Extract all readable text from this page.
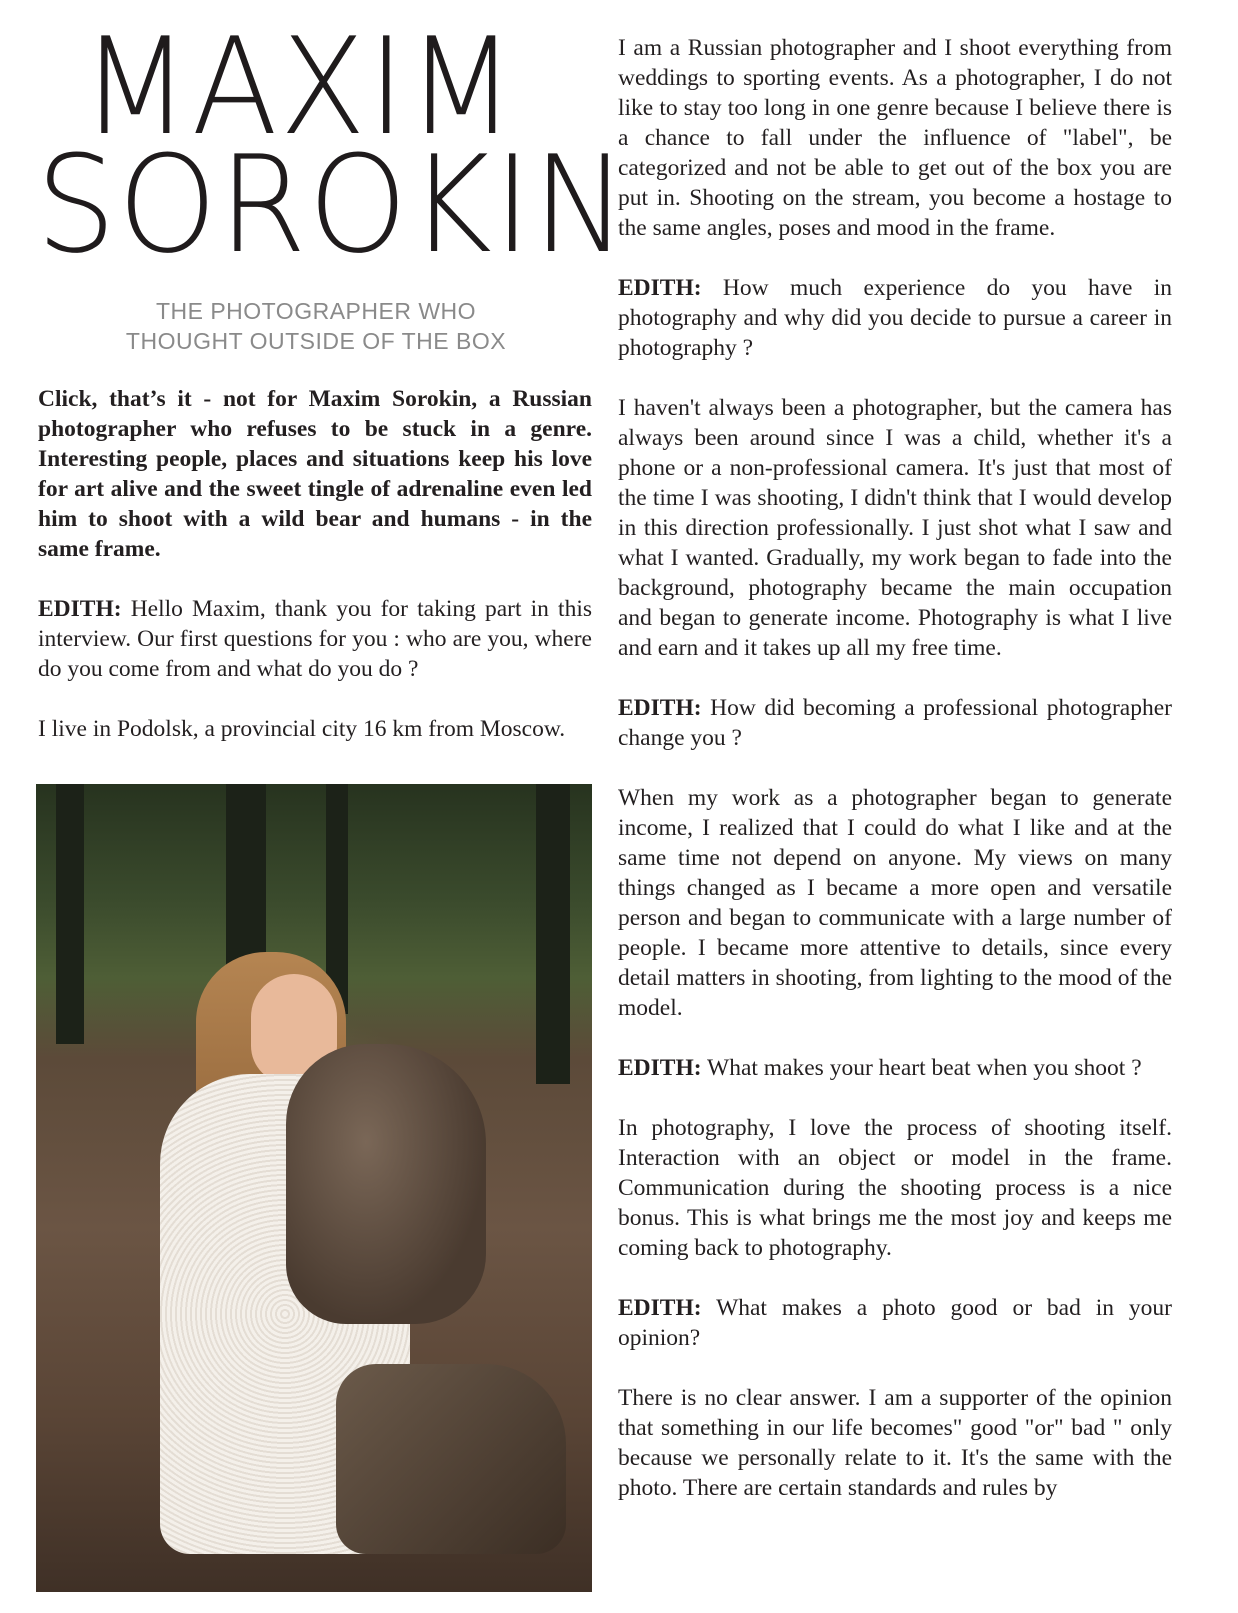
MAXIM
SOROKIN
THE PHOTOGRAPHER WHO
THOUGHT OUTSIDE OF THE BOX

Click, that’s it - not for Maxim Sorokin, a Russian photographer who refuses to be stuck in a genre. Interesting people, places and situations keep his love for art alive and the sweet tingle of adrenaline even led him to shoot with a wild bear and humans - in the same frame.

EDITH: Hello Maxim, thank you for taking part in this interview. Our first questions for you : who are you, where do you come from and what do you do ?

I live in Podolsk, a provincial city 16 km from Moscow.

I am a Russian photographer and I shoot everything from weddings to sporting events. As a photographer, I do not like to stay too long in one genre because I believe there is a chance to fall under the influence of "label", be categorized and not be able to get out of the box you are put in. Shooting on the stream, you become a hostage to the same angles, poses and mood in the frame.

EDITH: How much experience do you have in photography and why did you decide to pursue a career in photography ?

I haven't always been a photographer, but the camera has always been around since I was a child, whether it's a phone or a non-professional camera. It's just that most of the time I was shooting, I didn't think that I would develop in this direction professionally. I just shot what I saw and what I wanted. Gradually, my work began to fade into the background, photography became the main occupation and began to generate income. Photography is what I live and earn and it takes up all my free time.

EDITH: How did becoming a professional photographer change you ?

When my work as a photographer began to generate income, I realized that I could do what I like and at the same time not depend on anyone. My views on many things changed as I became a more open and versatile person and began to communicate with a large number of people. I became more attentive to details, since every detail matters in shooting, from lighting to the mood of the model.

EDITH: What makes your heart beat when you shoot ?

In photography, I love the process of shooting itself. Interaction with an object or model in the frame. Communication during the shooting process is a nice bonus. This is what brings me the most joy and keeps me coming back to photography.

EDITH: What makes a photo good or bad in your opinion?

There is no clear answer. I am a supporter of the opinion that something in our life becomes" good "or" bad " only because we personally relate to it. It's the same with the photo. There are certain standards and rules by
